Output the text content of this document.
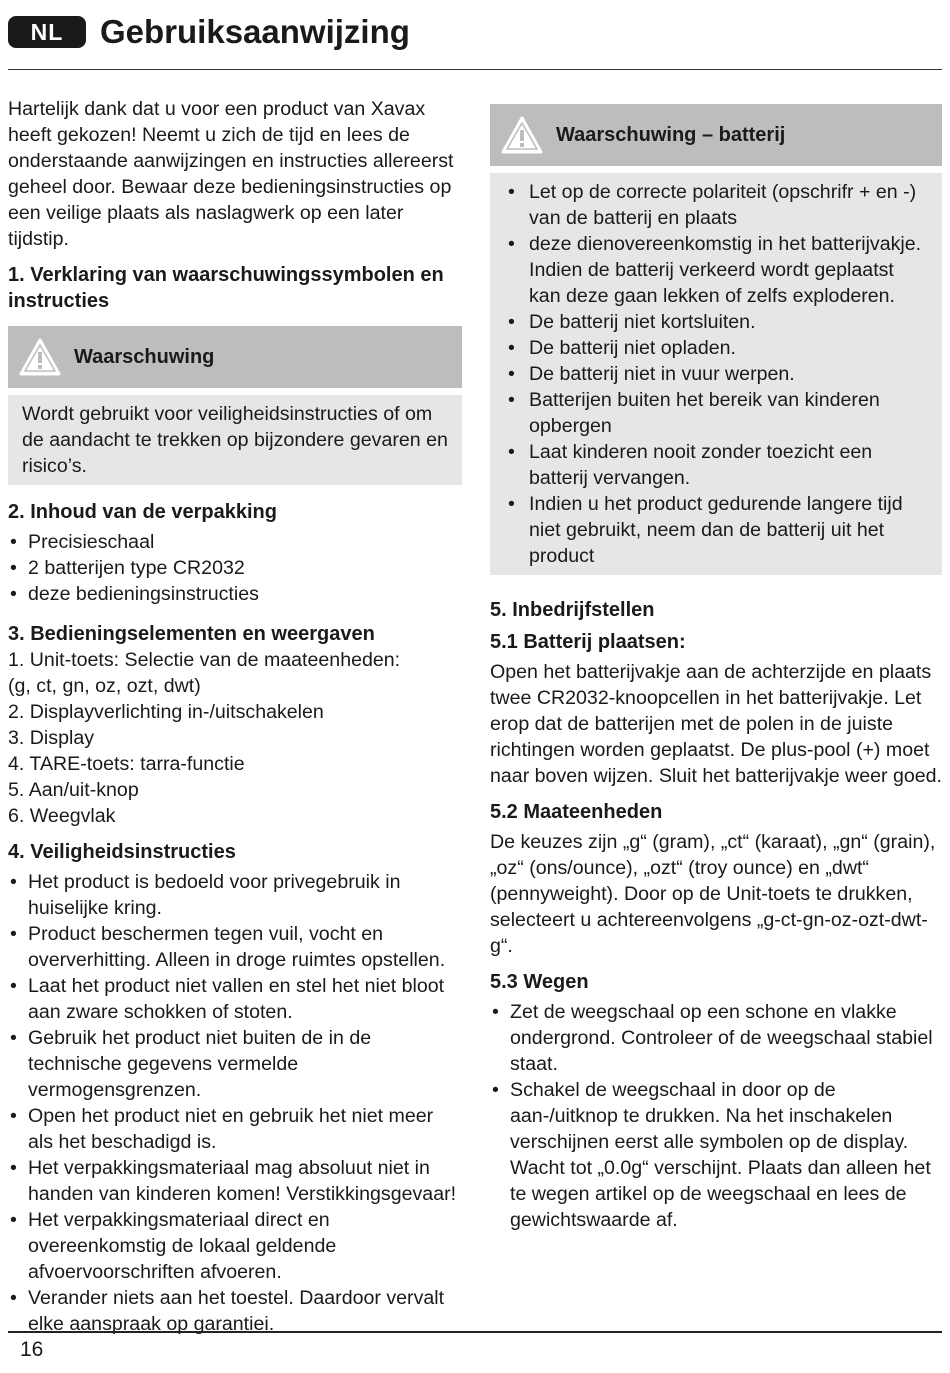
NL	Gebruiksaanwijzing

Hartelijk dank dat u voor een product van Xavax heeft gekozen! Neemt u zich de tijd en lees de onderstaande aanwijzingen en instructies allereerst geheel door. Bewaar deze bedieningsinstructies op een veilige plaats als naslagwerk op een later tijdstip.

1. Verklaring van waarschuwingssymbolen en instructies
Waarschuwing

Wordt gebruikt voor veiligheidsinstructies of om de aandacht te trekken op bijzondere gevaren en risico’s.

2. Inhoud van de verpakking
• Precisieschaal
• 2 batterijen type CR2032
• deze bedieningsinstructies
3. Bedieningselementen en weergaven
1. Unit-toets: Selectie van de maateenheden:
(g, ct, gn, oz, ozt, dwt)
2. Displayverlichting in-/uitschakelen
3. Display
4. TARE-toets: tarra-functie
5. Aan/uit-knop
6. Weegvlak
4. Veiligheidsinstructies
• Het product is bedoeld voor privegebruik in huiselijke kring.
• Product beschermen tegen vuil, vocht en oververhitting. Alleen in droge ruimtes opstellen.
• Laat het product niet vallen en stel het niet bloot aan zware schokken of stoten.
• Gebruik het product niet buiten de in de technische gegevens vermelde vermogensgrenzen.
• Open het product niet en gebruik het niet meer als het beschadigd is.
• Het verpakkingsmateriaal mag absoluut niet in handen van kinderen komen! Verstikkingsgevaar!
• Het verpakkingsmateriaal direct en overeenkomstig de lokaal geldende afvoervoorschriften afvoeren.
• Verander niets aan het toestel. Daardoor vervalt elke aanspraak op garantiei.
Waarschuwing – batterij
• Let op de correcte polariteit (opschrifr + en -) van de batterij en plaats
• deze dienovereenkomstig in het batterijvakje. Indien de batterij verkeerd wordt geplaatst kan deze gaan lekken of zelfs exploderen.
• De batterij niet kortsluiten.
• De batterij niet opladen.
• De batterij niet in vuur werpen.
• Batterijen buiten het bereik van kinderen opbergen
• Laat kinderen nooit zonder toezicht een batterij vervangen.
• Indien u het product gedurende langere tijd niet gebruikt, neem dan de batterij uit het product
5. Inbedrijfstellen
5.1 Batterij plaatsen:

Open het batterijvakje aan de achterzijde en plaats twee CR2032-knoopcellen in het batterijvakje. Let erop dat de batterijen met de polen in de juiste richtingen worden geplaatst. De plus-pool (+) moet naar boven wijzen. Sluit het batterijvakje weer goed.

5.2 Maateenheden

De keuzes zijn „g“ (gram), „ct“ (karaat), „gn“ (grain), „oz“ (ons/ounce), „ozt“ (troy ounce) en „dwt“ (pennyweight). Door op de Unit-toets te drukken, selecteert u achtereenvolgens „g-ct-gn-oz-ozt-dwt-g“.

5.3 Wegen
• Zet de weegschaal op een schone en vlakke ondergrond. Controleer of de weegschaal stabiel staat.
• Schakel de weegschaal in door op de aan-/uitknop te drukken. Na het inschakelen verschijnen eerst alle symbolen op de display. Wacht tot „0.0g“ verschijnt. Plaats dan alleen het te wegen artikel op de weegschaal en lees de gewichtswaarde af.
16
